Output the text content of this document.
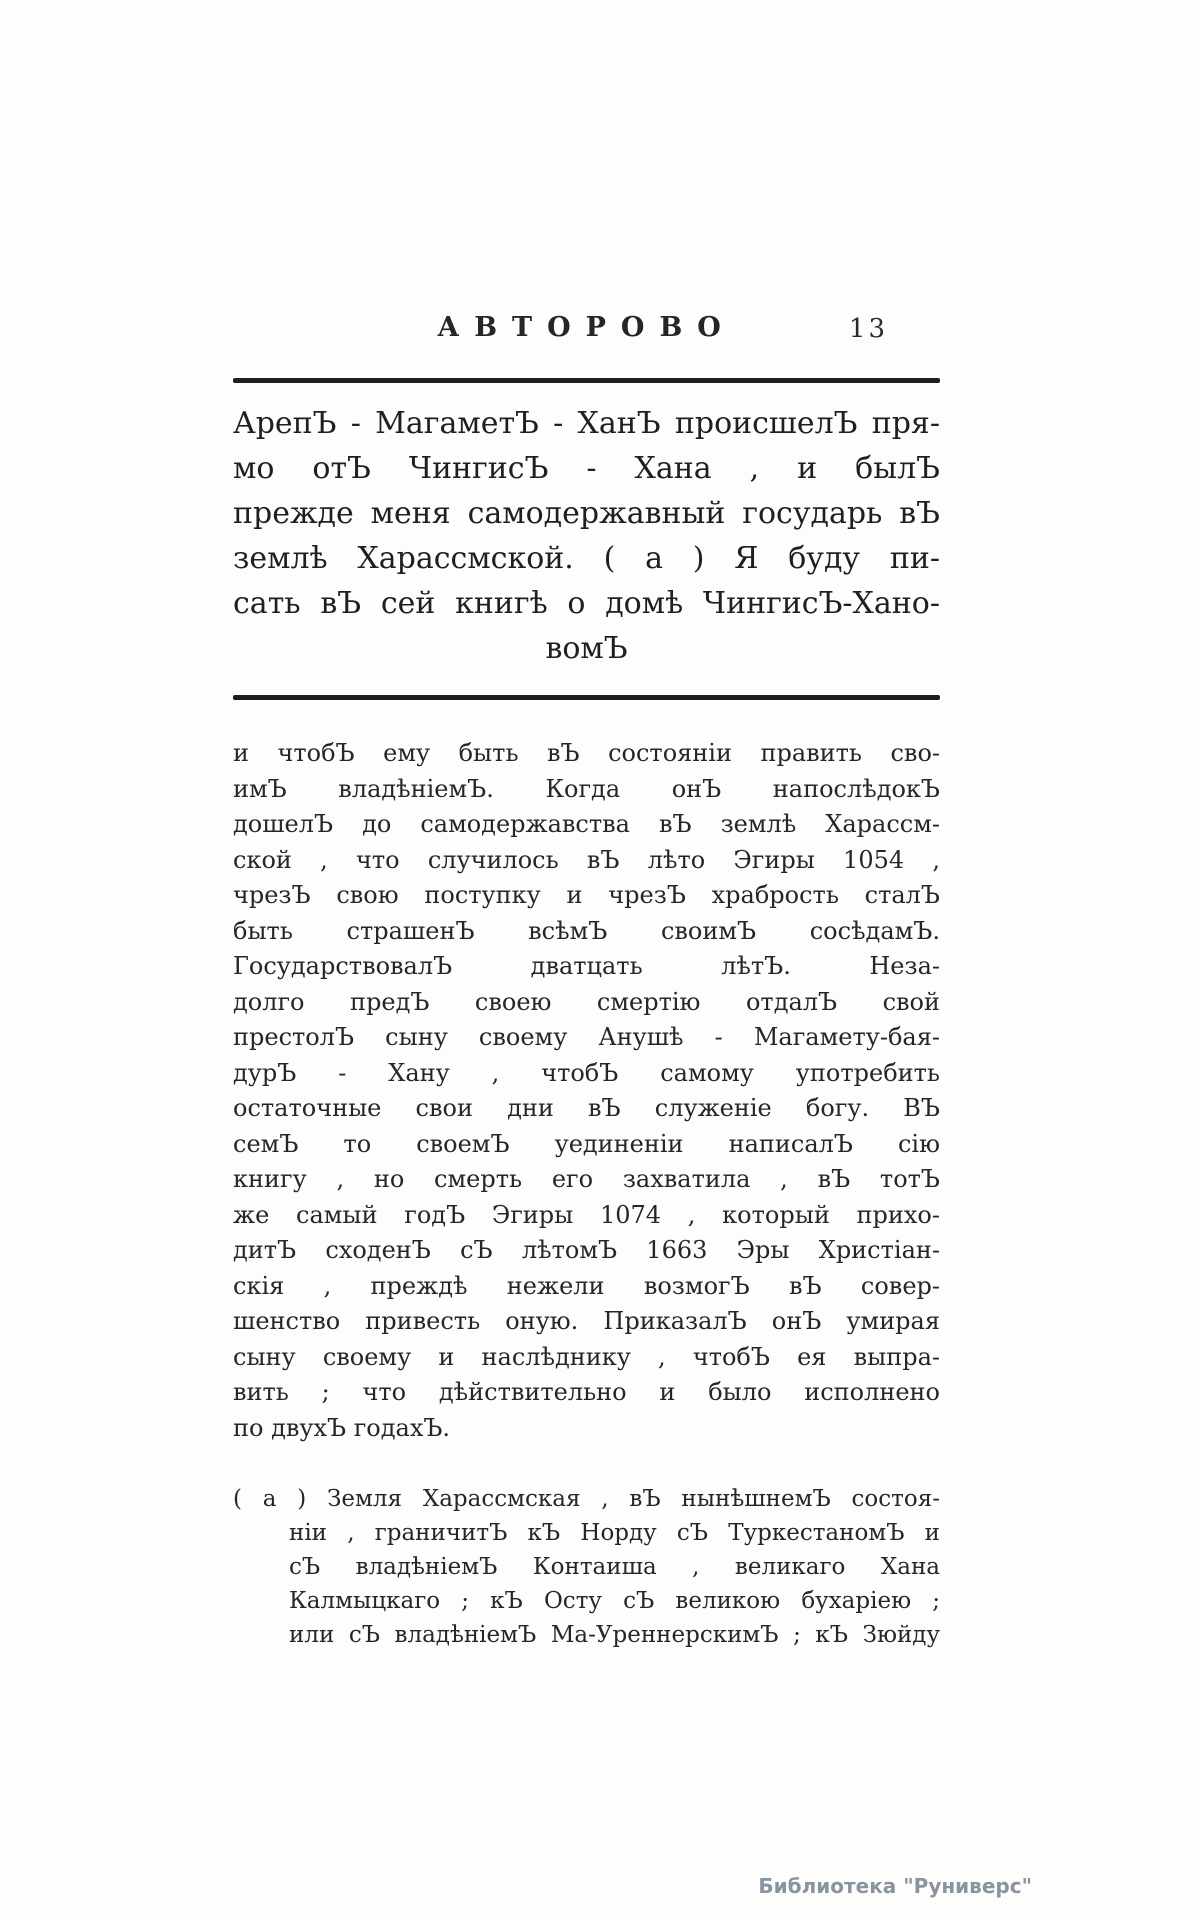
АВТОРОВО	13
АрепЪ - МагаметЪ - ХанЪ происшелЪ пря-
мо отЪ ЧингисЪ - Хана , и былЪ
прежде меня самодержавный государь вЪ
землѣ Харассмской. ( а ) Я буду пи-
сать вЪ сей книгѣ о домѣ ЧингисЪ-Хано-
вомЪ
и чтобЪ ему быть вЪ состояніи править сво-
имЪ владѣніемЪ. Когда онЪ напослѣдокЪ
дошелЪ до самодержавства вЪ землѣ Харассм-
ской , что случилось вЪ лѣто Эгиры 1054 ,
чрезЪ свою поступку и чрезЪ храбрость сталЪ
быть страшенЪ всѣмЪ своимЪ сосѣдамЪ.
ГосударствовалЪ дватцать лѣтЪ. Неза-
долго предЪ своею смертію отдалЪ свой
престолЪ сыну своему Анушѣ - Магамету-бая-
дурЪ - Хану , чтобЪ самому употребить
остаточные свои дни вЪ служеніе богу. ВЪ
семЪ то своемЪ уединеніи написалЪ сію
книгу , но смерть его захватила , вЪ тотЪ
же самый годЪ Эгиры 1074 , который прихо-
дитЪ сходенЪ сЪ лѣтомЪ 1663 Эры Христіан-
скія , преждѣ нежели возмогЪ вЪ совер-
шенство привесть оную. ПриказалЪ онЪ умирая
сыну своему и наслѣднику , чтобЪ ея выпра-
вить ; что дѣйствительно и было исполнено
по двухЪ годахЪ.
( а ) Земля Харассмская , вЪ нынѣшнемЪ состоя-
ніи , граничитЪ кЪ Норду сЪ ТуркестаномЪ и
сЪ владѣніемЪ Контаиша , великаго Хана
Калмыцкаго ; кЪ Осту сЪ великою бухаріею ;
или сЪ владѣніемЪ Ма-УреннерскимЪ ; кЪ Зюйду
Библиотека "Руниверс"
